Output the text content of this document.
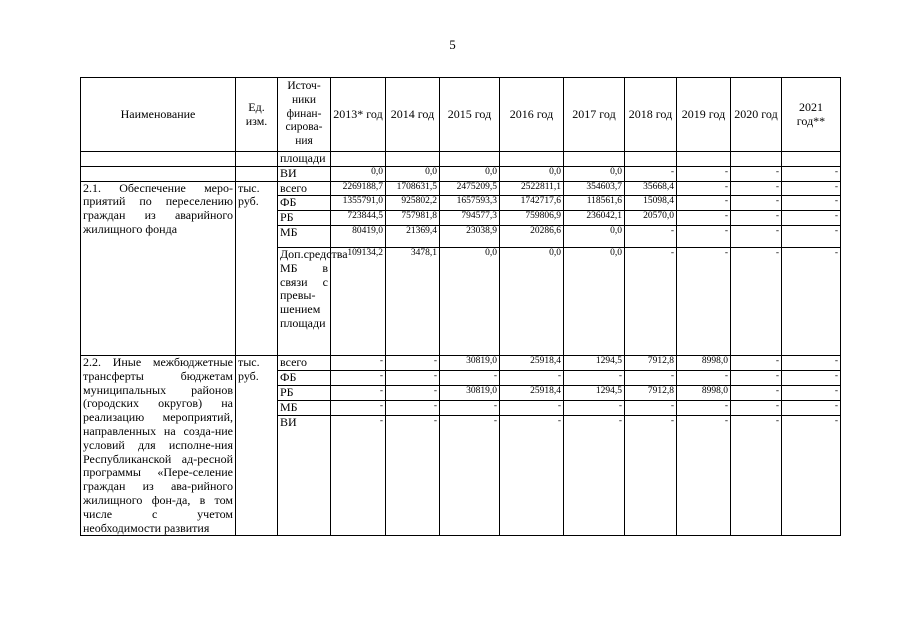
5
Наименование	Ед. изм.	Источ-ники финан-сирова-ния	2013* год	2014 год	2015 год	2016 год	2017 год	2018 год	2019 год	2020 год	2021 год**
		площади									
		ВИ	0,0	0,0	0,0	0,0	0,0	-	-	-	-
2.1. Обеспечение меро-приятий по переселению граждан из аварийного жилищного фонда	тыс. руб.	всего	2269188,7	1708631,5	2475209,5	2522811,1	354603,7	35668,4	-	-	-
		ФБ	1355791,0	925802,2	1657593,3	1742717,6	118561,6	15098,4	-	-	-
		РБ	723844,5	757981,8	794577,3	759806,9	236042,1	20570,0	-	-	-
		МБ	80419,0	21369,4	23038,9	20286,6	0,0	-	-	-	-
		Доп.средства МБ в связи с превы-шением площади	109134,2	3478,1	0,0	0,0	0,0	-	-	-	-
2.2. Иные межбюджетные трансферты бюджетам муниципальных районов (городских округов) на реализацию мероприятий, направленных на созда-ние условий для исполне-ния Республиканской ад-ресной программы «Пере-селение граждан из ава-рийного жилищного фон-да, в том числе с учетом необходимости развития	тыс. руб.	всего	-	-	30819,0	25918,4	1294,5	7912,8	8998,0	-	-
		ФБ	-	-	-	-	-	-	-	-	-
		РБ	-	-	30819,0	25918,4	1294,5	7912,8	8998,0	-	-
		МБ	-	-	-	-	-	-	-	-	-
		ВИ	-	-	-	-	-	-	-	-	-
